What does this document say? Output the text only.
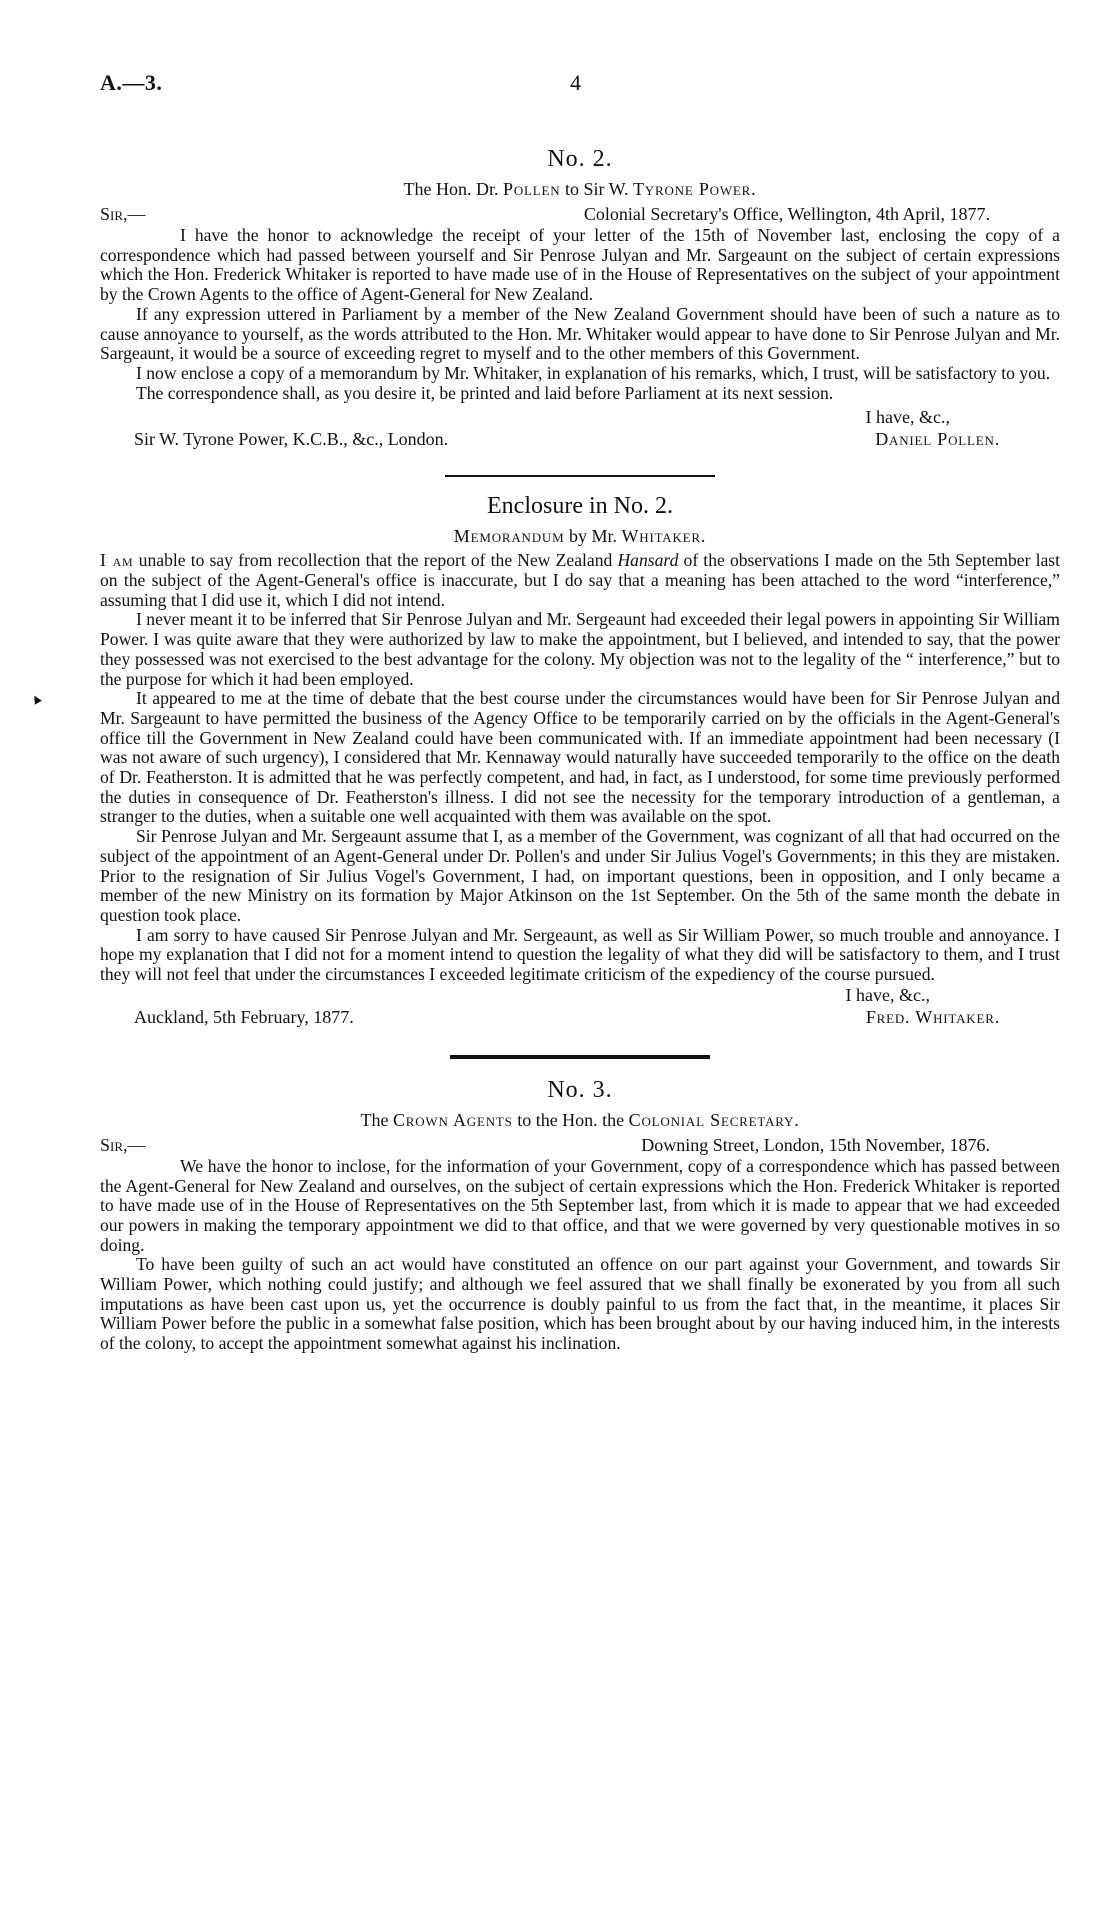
▲
A.—3.	4
No. 2.
The Hon. Dr. Pollen to Sir W. Tyrone Power.
Sir,—	Colonial Secretary's Office, Wellington, 4th April, 1877.

I have the honor to acknowledge the receipt of your letter of the 15th of November last, enclosing the copy of a correspondence which had passed between yourself and Sir Penrose Julyan and Mr. Sargeaunt on the subject of certain expressions which the Hon. Frederick Whitaker is reported to have made use of in the House of Representatives on the subject of your appointment by the Crown Agents to the office of Agent-General for New Zealand.

If any expression uttered in Parliament by a member of the New Zealand Government should have been of such a nature as to cause annoyance to yourself, as the words attributed to the Hon. Mr. Whitaker would appear to have done to Sir Penrose Julyan and Mr. Sargeaunt, it would be a source of exceeding regret to myself and to the other members of this Government.

I now enclose a copy of a memorandum by Mr. Whitaker, in explanation of his remarks, which, I trust, will be satisfactory to you.

The correspondence shall, as you desire it, be printed and laid before Parliament at its next session.

I have, &c.,
Sir W. Tyrone Power, K.C.B., &c., London.	Daniel Pollen.
Enclosure in No. 2.
Memorandum by Mr. Whitaker.

I am unable to say from recollection that the report of the New Zealand Hansard of the observations I made on the 5th September last on the subject of the Agent-General's office is inaccurate, but I do say that a meaning has been attached to the word “interference,” assuming that I did use it, which I did not intend.

I never meant it to be inferred that Sir Penrose Julyan and Mr. Sergeaunt had exceeded their legal powers in appointing Sir William Power. I was quite aware that they were authorized by law to make the appointment, but I believed, and intended to say, that the power they possessed was not exercised to the best advantage for the colony. My objection was not to the legality of the “ interference,” but to the purpose for which it had been employed.

It appeared to me at the time of debate that the best course under the circumstances would have been for Sir Penrose Julyan and Mr. Sargeaunt to have permitted the business of the Agency Office to be temporarily carried on by the officials in the Agent-General's office till the Government in New Zealand could have been communicated with. If an immediate appointment had been necessary (I was not aware of such urgency), I considered that Mr. Kennaway would naturally have succeeded temporarily to the office on the death of Dr. Featherston. It is admitted that he was perfectly competent, and had, in fact, as I understood, for some time previously performed the duties in consequence of Dr. Featherston's illness. I did not see the necessity for the temporary introduction of a gentleman, a stranger to the duties, when a suitable one well acquainted with them was available on the spot.

Sir Penrose Julyan and Mr. Sergeaunt assume that I, as a member of the Government, was cognizant of all that had occurred on the subject of the appointment of an Agent-General under Dr. Pollen's and under Sir Julius Vogel's Governments; in this they are mistaken. Prior to the resignation of Sir Julius Vogel's Government, I had, on important questions, been in opposition, and I only became a member of the new Ministry on its formation by Major Atkinson on the 1st September. On the 5th of the same month the debate in question took place.

I am sorry to have caused Sir Penrose Julyan and Mr. Sergeaunt, as well as Sir William Power, so much trouble and annoyance. I hope my explanation that I did not for a moment intend to question the legality of what they did will be satisfactory to them, and I trust they will not feel that under the circumstances I exceeded legitimate criticism of the expediency of the course pursued.

I have, &c.,
Auckland, 5th February, 1877.	Fred. Whitaker.
No. 3.
The Crown Agents to the Hon. the Colonial Secretary.
Sir,—	Downing Street, London, 15th November, 1876.

We have the honor to inclose, for the information of your Government, copy of a correspondence which has passed between the Agent-General for New Zealand and ourselves, on the subject of certain expressions which the Hon. Frederick Whitaker is reported to have made use of in the House of Representatives on the 5th September last, from which it is made to appear that we had exceeded our powers in making the temporary appointment we did to that office, and that we were governed by very questionable motives in so doing.

To have been guilty of such an act would have constituted an offence on our part against your Government, and towards Sir William Power, which nothing could justify; and although we feel assured that we shall finally be exonerated by you from all such imputations as have been cast upon us, yet the occurrence is doubly painful to us from the fact that, in the meantime, it places Sir William Power before the public in a somewhat false position, which has been brought about by our having induced him, in the interests of the colony, to accept the appointment somewhat against his inclination.
